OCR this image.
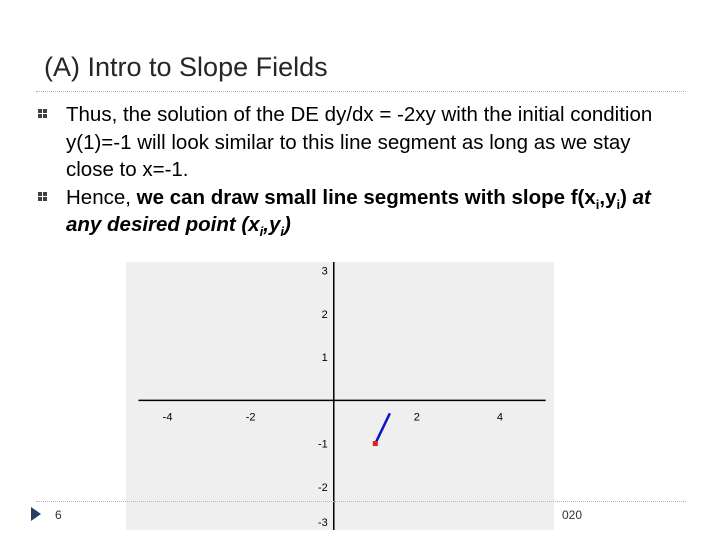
(A) Intro to Slope Fields
Thus, the solution of the DE dy/dx = -2xy with the initial condition y(1)=-1 will look similar to this line segment as long as we stay close to x=-1.
Hence, we can draw small line segments with slope $f(x_i,y_i)$ at any desired point $(x_i,y_i)$
-4	-2	2	4
3
2
1
-1
-2
-3
6	020
